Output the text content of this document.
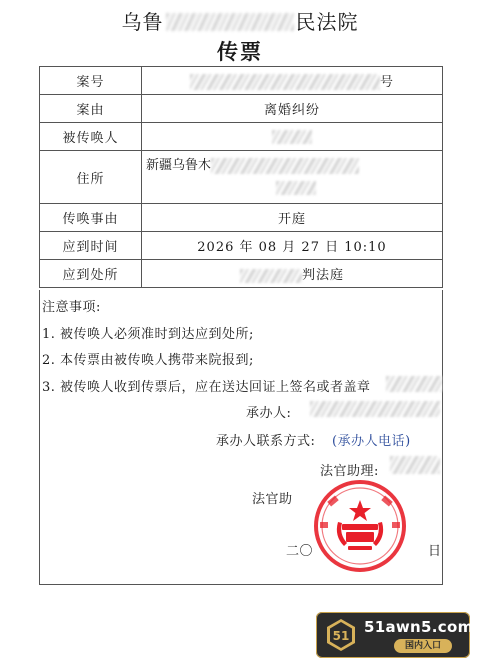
乌鲁	民法院
传票
案号	号
案由	离婚纠纷
被传唤人	
住所	新疆乌鲁木

传唤事由	开庭
应到时间	2026 年 08 月 27 日 10:10
应到处所	判法庭
注意事项:
1. 被传唤人必须准时到达应到处所;
2. 本传票由被传唤人携带来院报到;
3. 被传唤人收到传票后，应在送达回证上签名或者盖章
承办人:
承办人联系方式: (承办人电话)
法官助理:
法官助
二〇	日
51 51awn5.com
国内入口
